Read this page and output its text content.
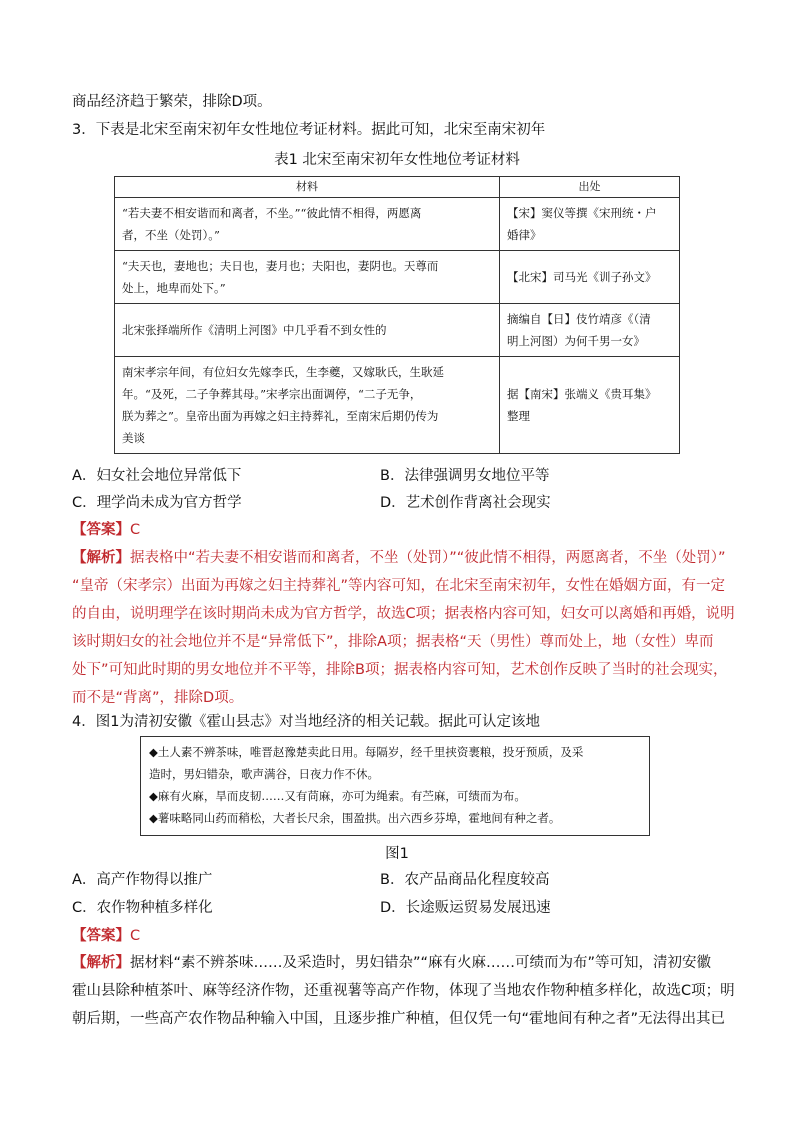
商品经济趋于繁荣，排除D项。
3．下表是北宋至南宋初年女性地位考证材料。据此可知，北宋至南宋初年
表1 北宋至南宋初年女性地位考证材料
材料	出处
“若夫妻不相安谐而和离者，不坐。”“彼此情不相得，两愿离
者，不坐（处罚）。”	【宋】窦仪等撰《宋刑统・户
婚律》
“夫天也，妻地也；夫日也，妻月也；夫阳也，妻阴也。天尊而
处上，地卑而处下。”	【北宋】司马光《训子孙文》
北宋张择端所作《清明上河图》中几乎看不到女性的	摘编自【日】伎竹靖彦《（清
明上河图）为何千男一女》
南宋孝宗年间，有位妇女先嫁李氏，生李夔，又嫁耿氏，生耿延
年。“及死，二子争葬其母。”宋孝宗出面调停，“二子无争，
朕为葬之”。皇帝出面为再嫁之妇主持葬礼，至南宋后期仍传为
美谈	据【南宋】张端义《贵耳集》
整理
A．妇女社会地位异常低下	B．法律强调男女地位平等
C．理学尚未成为官方哲学	D．艺术创作背离社会现实
【答案】C
【解析】据表格中“若夫妻不相安谐而和离者，不坐（处罚）”“彼此情不相得，两愿离者，不坐（处罚）”
“皇帝（宋孝宗）出面为再嫁之妇主持葬礼”等内容可知，在北宋至南宋初年，女性在婚姻方面，有一定
的自由，说明理学在该时期尚未成为官方哲学，故选C项；据表格内容可知，妇女可以离婚和再婚，说明
该时期妇女的社会地位并不是“异常低下”，排除A项；据表格“天（男性）尊而处上，地（女性）卑而
处下”可知此时期的男女地位并不平等，排除B项；据表格内容可知，艺术创作反映了当时的社会现实，
而不是“背离”，排除D项。
4．图1为清初安徽《霍山县志》对当地经济的相关记载。据此可认定该地

◆土人素不辨茶味，唯晋赵豫楚卖此日用。每隔岁，经千里挟资裹粮，投牙预质，及采

造时，男妇错杂，歌声满谷，日夜力作不休。

◆麻有火麻，旱而皮韧……又有苘麻，亦可为绳索。有苎麻，可绩而为布。

◆薯味略同山药而稍松，大者长尺余，围盈拱。出六西乡芬埠，霍地间有种之者。

图1
A．高产作物得以推广	B．农产品商品化程度较高
C．农作物种植多样化	D．长途贩运贸易发展迅速
【答案】C
【解析】据材料“素不辨茶味……及采造时，男妇错杂”“麻有火麻……可绩而为布”等可知，清初安徽
霍山县除种植茶叶、麻等经济作物，还重视薯等高产作物，体现了当地农作物种植多样化，故选C项；明
朝后期，一些高产农作物品种输入中国，且逐步推广种植，但仅凭一句“霍地间有种之者”无法得出其已
